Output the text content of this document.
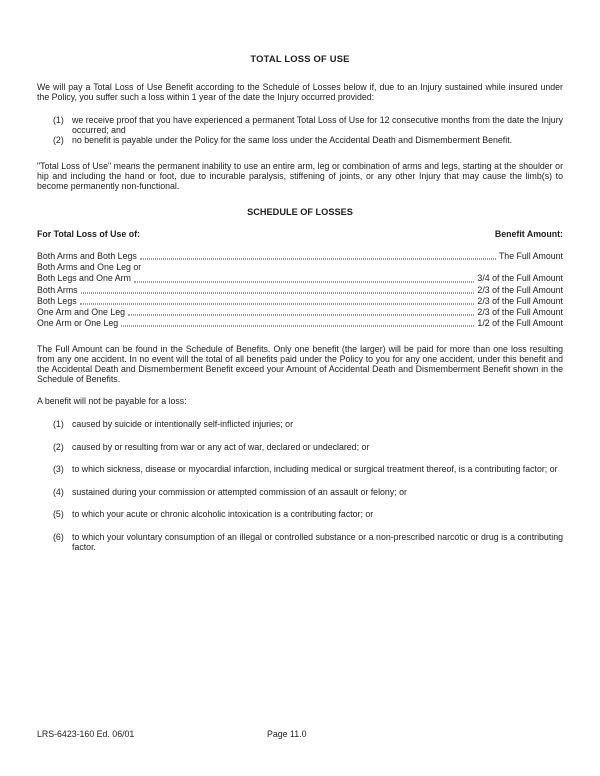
TOTAL LOSS OF USE

We will pay a Total Loss of Use Benefit according to the Schedule of Losses below if, due to an Injury sustained while insured under the Policy, you suffer such a loss within 1 year of the date the Injury occurred provided:

(1) we receive proof that you have experienced a permanent Total Loss of Use for 12 consecutive months from the date the Injury occurred; and
(2) no benefit is payable under the Policy for the same loss under the Accidental Death and Dismemberment Benefit.

"Total Loss of Use" means the permanent inability to use an entire arm, leg or combination of arms and legs, starting at the shoulder or hip and including the hand or foot, due to incurable paralysis, stiffening of joints, or any other Injury that may cause the limb(s) to become permanently non-functional.

SCHEDULE OF LOSSES
For Total Loss of Use of:	Benefit Amount:
Both Arms and Both Legs	The Full Amount
Both Arms and One Leg or
Both Legs and One Arm	3/4 of the Full Amount
Both Arms	2/3 of the Full Amount
Both Legs	2/3 of the Full Amount
One Arm and One Leg	2/3 of the Full Amount
One Arm or One Leg	1/2 of the Full Amount

The Full Amount can be found in the Schedule of Benefits. Only one benefit (the larger) will be paid for more than one loss resulting from any one accident. In no event will the total of all benefits paid under the Policy to you for any one accident, under this benefit and the Accidental Death and Dismemberment Benefit exceed your Amount of Accidental Death and Dismemberment Benefit shown in the Schedule of Benefits.

A benefit will not be payable for a loss:

(1) caused by suicide or intentionally self-inflicted injuries; or
(2) caused by or resulting from war or any act of war, declared or undeclared; or
(3) to which sickness, disease or myocardial infarction, including medical or surgical treatment thereof, is a contributing factor; or
(4) sustained during your commission or attempted commission of an assault or felony; or
(5) to which your acute or chronic alcoholic intoxication is a contributing factor; or
(6) to which your voluntary consumption of an illegal or controlled substance or a non-prescribed narcotic or drug is a contributing factor.
LRS-6423-160 Ed. 06/01	Page 11.0
